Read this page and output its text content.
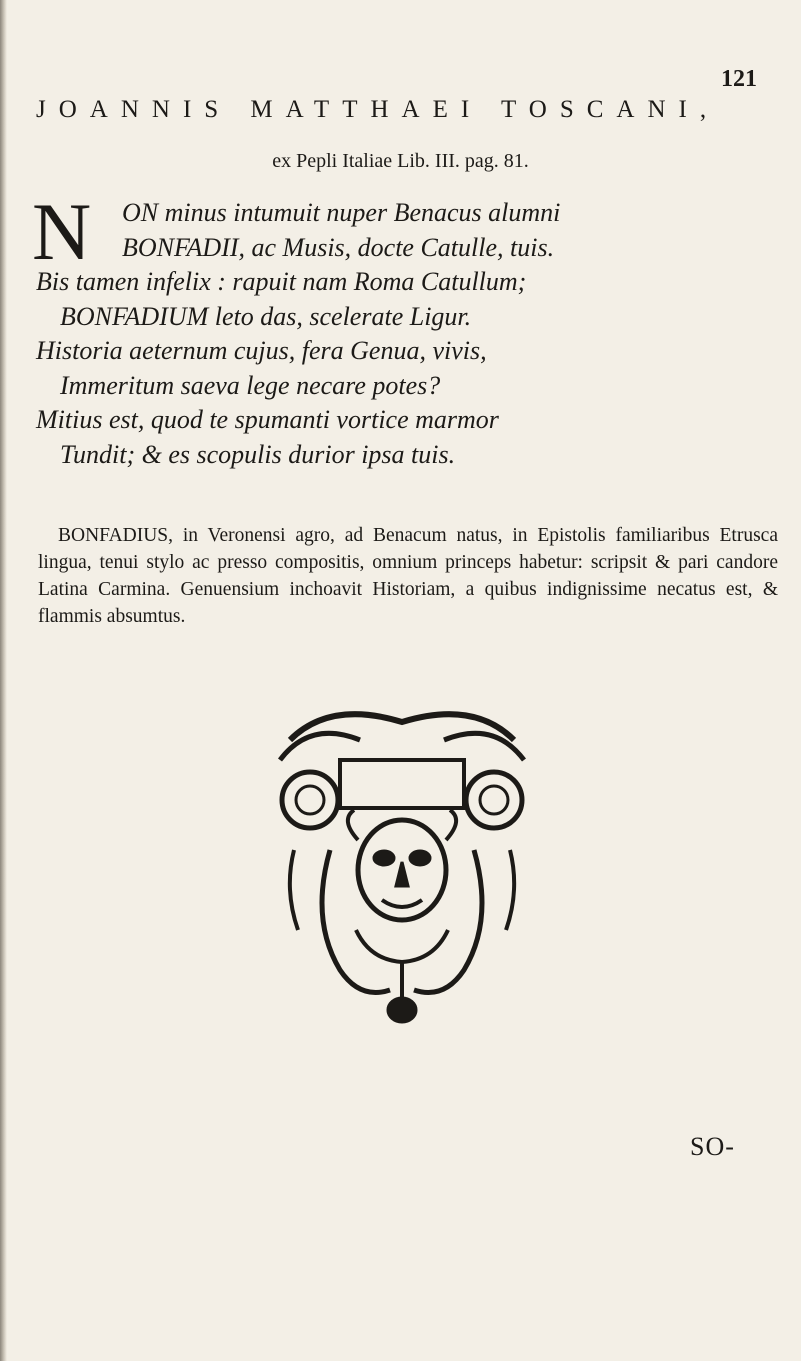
121
JOANNIS MATTHAEI TOSCANI,
ex Pepli Italiae Lib. III. pag. 81.
N	ON minus intumuit nuper Benacus alumni
BONFADII, ac Musis, docte Catulle, tuis.
Bis tamen infelix : rapuit nam Roma Catullum;
BONFADIUM leto das, scelerate Ligur.
Historia aeternum cujus, fera Genua, vivis,
Immeritum saeva lege necare potes?
Mitius est, quod te spumanti vortice marmor
Tundit; & es scopulis durior ipsa tuis.

BONFADIUS, in Veronensi agro, ad Benacum natus, in Epistolis familiaribus Etrusca lingua, tenui stylo ac presso compositis, omnium princeps habetur: scripsit & pari candore Latina Carmina. Genuensium inchoavit Historiam, a quibus indignissime necatus est, & flammis absumtus.

SO-
